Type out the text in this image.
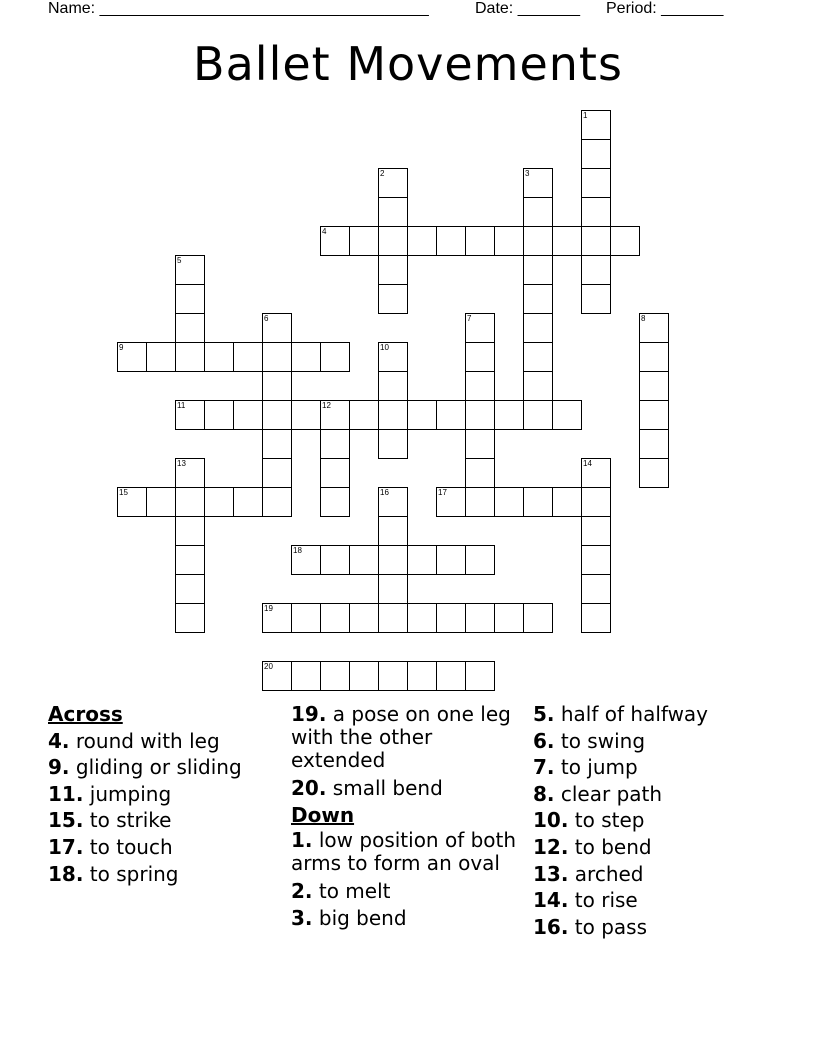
Name: _____________________________________	Date: _______ Period: _______
Ballet Movements
1
2	3
4
5
6	7	8
9	10
11	12
13	14
15	16	17
18
19
20
Across
4. round with leg
9. gliding or sliding
11. jumping
15. to strike
17. to touch
18. to spring
19. a pose on one leg with the other extended
20. small bend
Down
1. low position of both arms to form an oval
2. to melt
3. big bend
5. half of halfway
6. to swing
7. to jump
8. clear path
10. to step
12. to bend
13. arched
14. to rise
16. to pass
